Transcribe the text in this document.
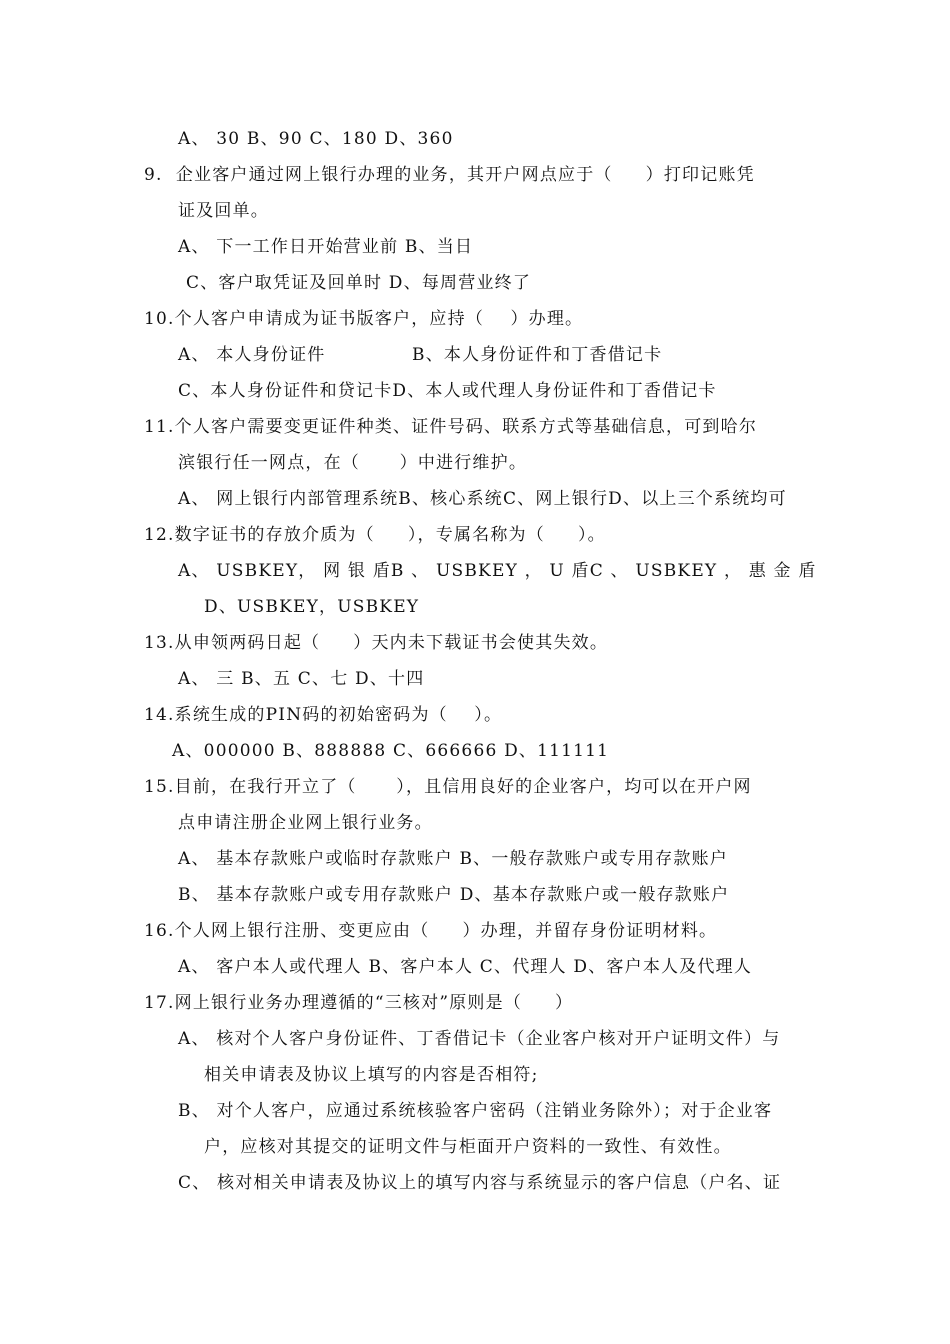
A、 30 B、90 C、180 D、360
9.  企业客户通过网上银行办理的业务，其开户网点应于（     ）打印记账凭
证及回单。
A、 下一工作日开始营业前 B、当日
C、客户取凭证及回单时 D、每周营业终了
10.个人客户申请成为证书版客户，应持（    ）办理。
A、 本人身份证件	B、本人身份证件和丁香借记卡
C、本人身份证件和贷记卡D、本人或代理人身份证件和丁香借记卡
11.个人客户需要变更证件种类、证件号码、联系方式等基础信息，可到哈尔
滨银行任一网点，在（      ）中进行维护。
A、 网上银行内部管理系统B、核心系统C、网上银行D、以上三个系统均可
12.数字证书的存放介质为（     ），专属名称为（     ）。
A、 USBKEY， 网 银 盾 B 、 USBKEY ， U 盾 C 、 USBKEY ， 惠 金 盾
D、USBKEY，USBKEY
13.从申领两码日起（     ）天内未下载证书会使其失效。
A、 三 B、五 C、七 D、十四
14.系统生成的PIN码的初始密码为（    ）。
A、000000 B、888888 C、666666 D、111111
15.目前，在我行开立了（      ），且信用良好的企业客户，均可以在开户网
点申请注册企业网上银行业务。
A、 基本存款账户或临时存款账户 B、一般存款账户或专用存款账户
B、 基本存款账户或专用存款账户 D、基本存款账户或一般存款账户
16.个人网上银行注册、变更应由（     ）办理，并留存身份证明材料。
A、 客户本人或代理人 B、客户本人 C、代理人 D、客户本人及代理人
17.网上银行业务办理遵循的“三核对”原则是（     ）
A、 核对个人客户身份证件、丁香借记卡（企业客户核对开户证明文件）与
相关申请表及协议上填写的内容是否相符;
B、 对个人客户，应通过系统核验客户密码（注销业务除外）；对于企业客
户，应核对其提交的证明文件与柜面开户资料的一致性、有效性。
C、 核对相关申请表及协议上的填写内容与系统显示的客户信息（户名、证
